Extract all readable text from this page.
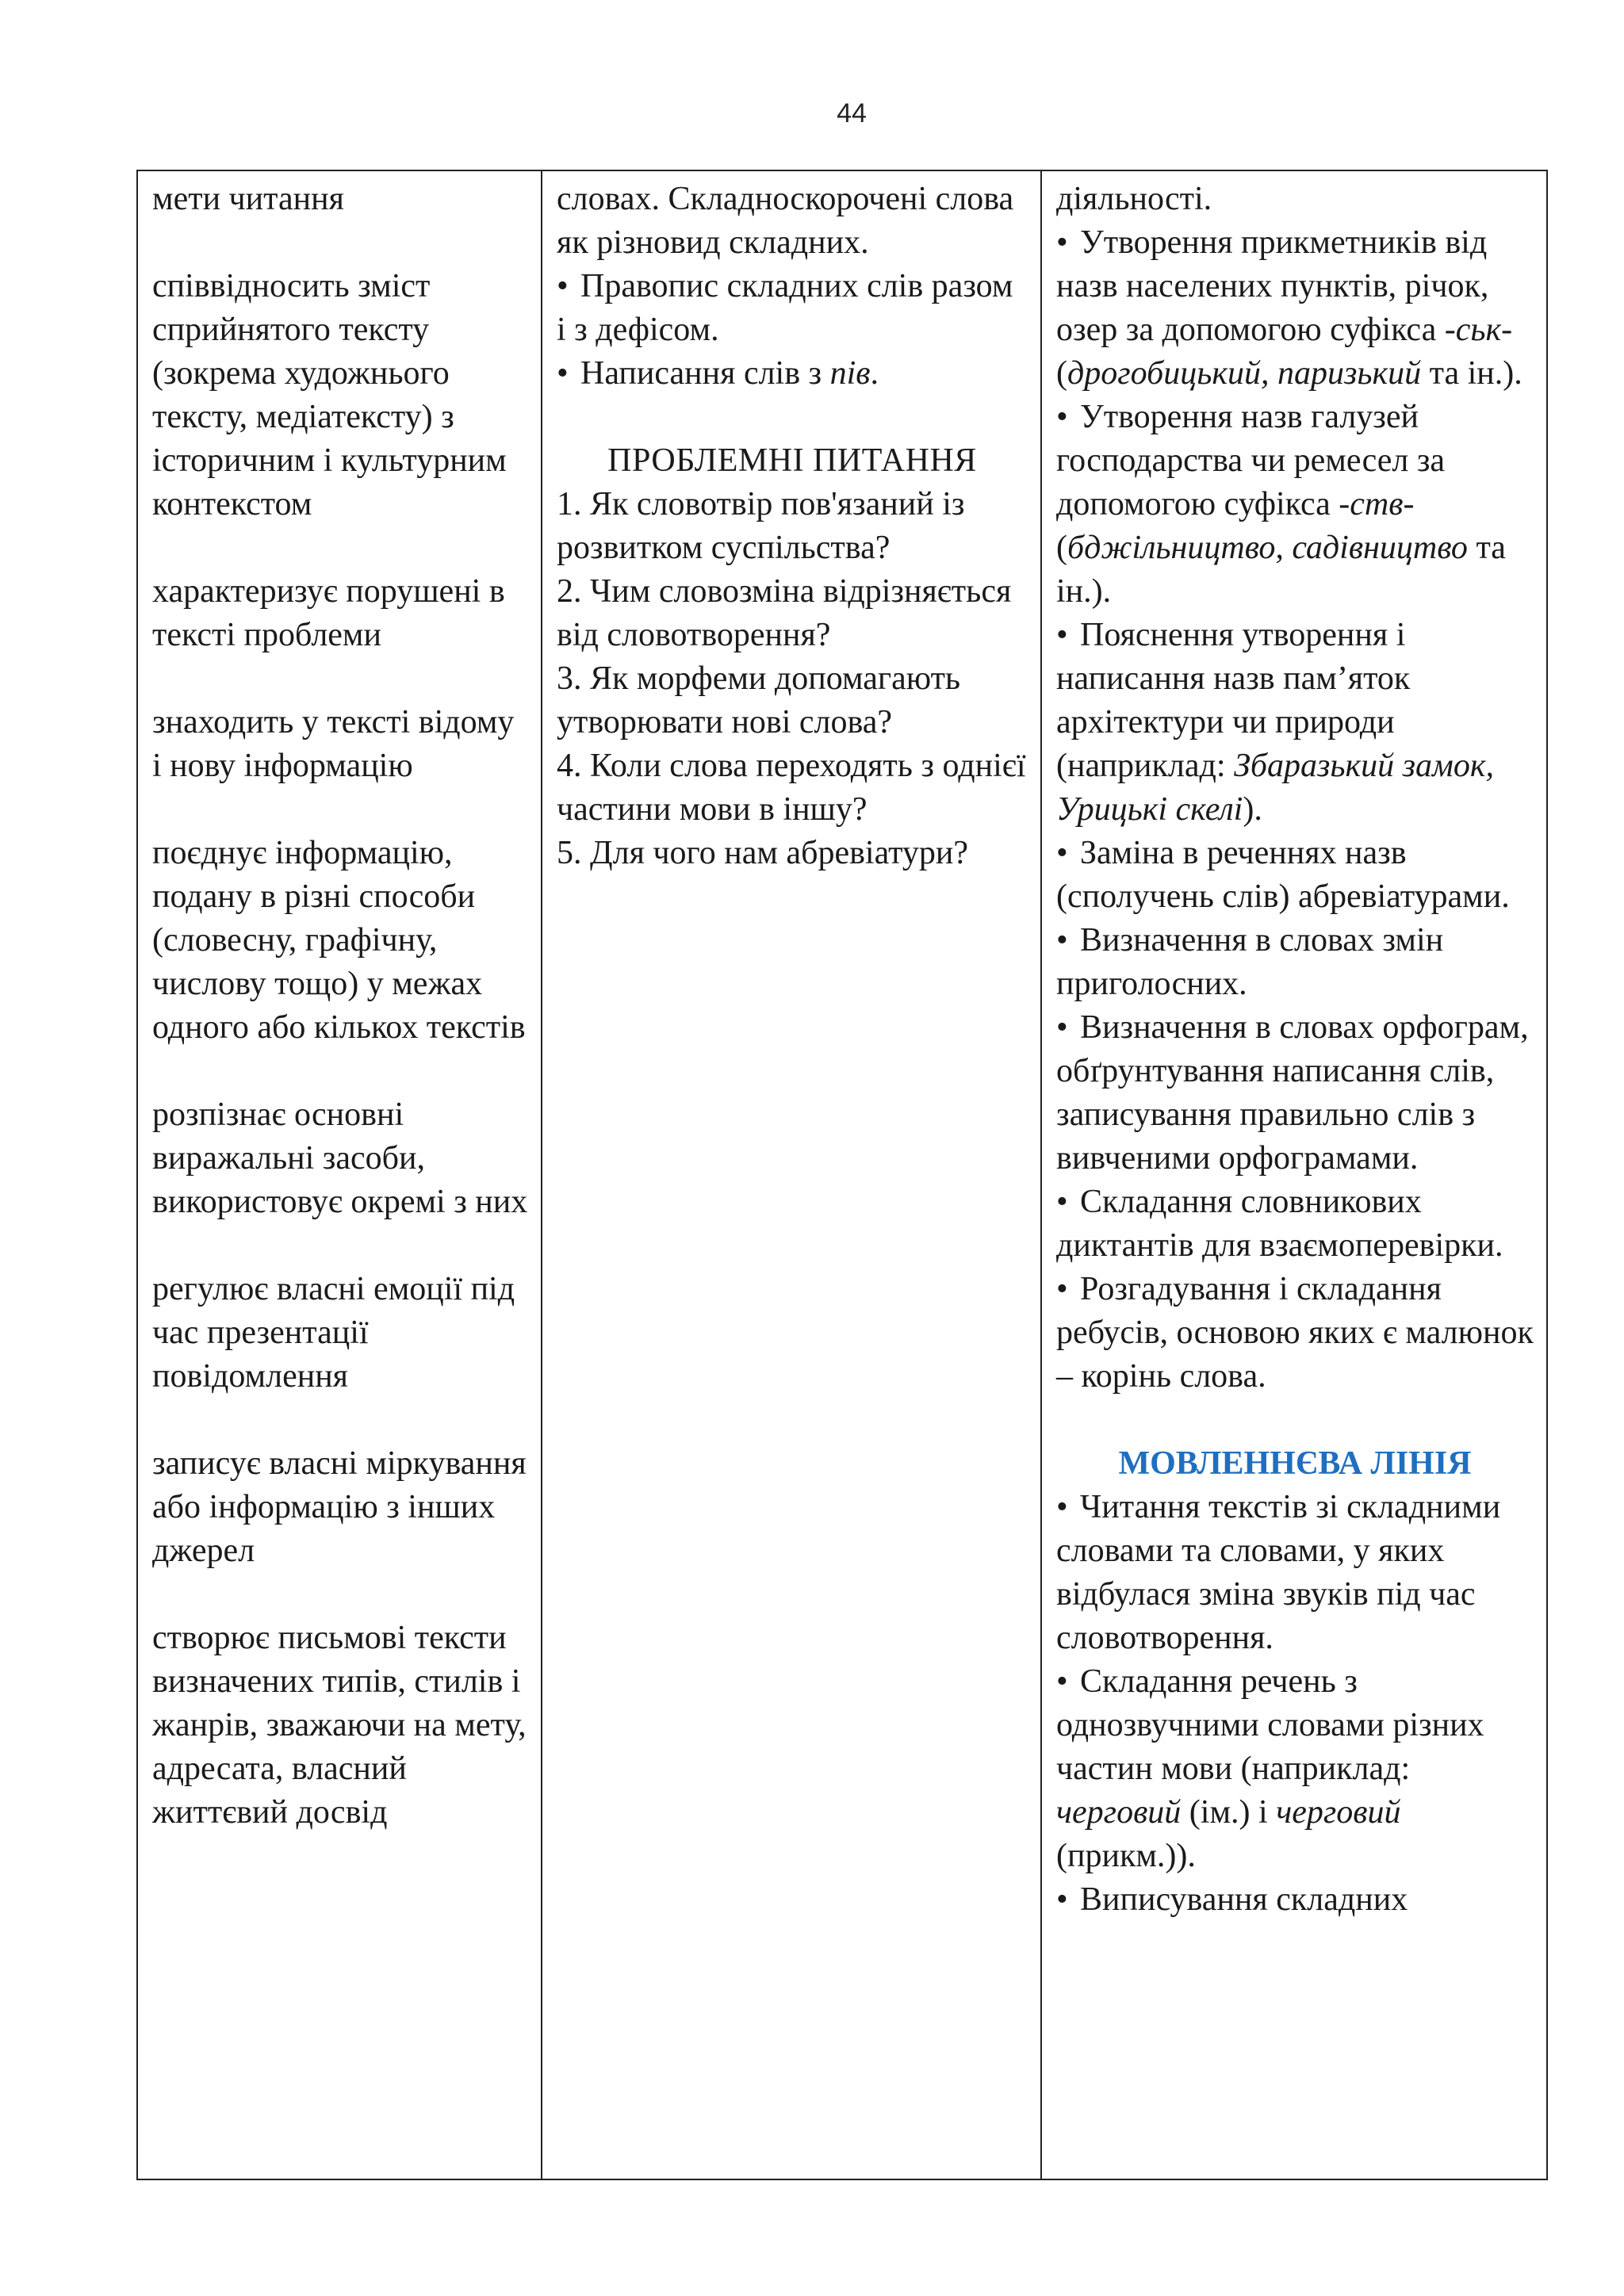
44

мети читання

співвідносить зміст сприйнятого тексту (зокрема художнього тексту, медіатексту) з історичним і культурним контекстом

характеризує порушені в тексті проблеми

знаходить у тексті відому і нову інформацію

поєднує інформацію, подану в різні способи (словесну, графічну, числову тощо) у межах одного або кількох текстів

розпізнає основні виражальні засоби, використовує окремі з них

регулює власні емоції під час презентації повідомлення

записує власні міркування або інформацію з інших джерел

створює письмові тексти визначених типів, стилів і жанрів, зважаючи на мету, адресата, власний життєвий досвід

словах. Складноскорочені слова як різновид складних.

• Правопис складних слів разом і з дефісом.

• Написання слів з пів.

ПРОБЛЕМНІ ПИТАННЯ

1. Як словотвір пов'язаний із розвитком суспільства?

2. Чим словозміна відрізняється від словотворення?

3. Як морфеми допомагають утворювати нові слова?

4. Коли слова переходять з однієї частини мови в іншу?

5. Для чого нам абревіатури?

діяльності.

• Утворення прикметників від назв населених пунктів, річок, озер за допомогою суфікса -ськ- (дрогобицький, паризький та ін.).

• Утворення назв галузей господарства чи ремесел за допомогою суфікса -ств- (бджільництво, садівництво та ін.).

• Пояснення утворення і написання назв пам’яток архітектури чи природи (наприклад: Збаразький замок, Урицькі скелі).

• Заміна в реченнях назв (сполучень слів) абревіатурами.

• Визначення в словах змін приголосних.

• Визначення в словах орфограм, обґрунтування написання слів, записування правильно слів з вивченими орфограмами.

• Складання словникових диктантів для взаємоперевірки.

• Розгадування і складання ребусів, основою яких є малюнок – корінь слова.

МОВЛЕННЄВА ЛІНІЯ

• Читання текстів зі складними словами та словами, у яких відбулася зміна звуків під час словотворення.

• Складання речень з однозвучними словами різних частин мови (наприклад: черговий (ім.) і черговий (прикм.)).

• Виписування складних
